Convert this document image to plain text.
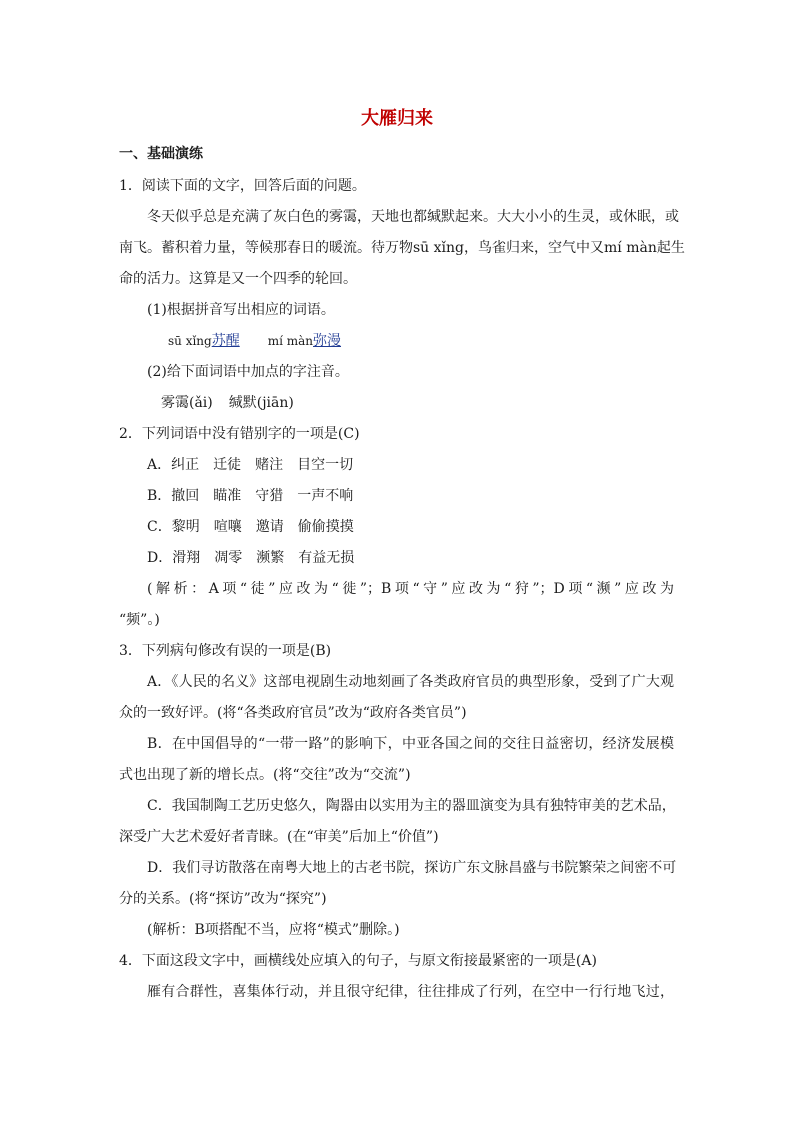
大雁归来
一、基础演练
1．阅读下面的文字，回答后面的问题。
冬天似乎总是充满了灰白色的雾霭，天地也都缄默起来。大大小小的生灵，或休眠，或
南飞。蓄积着力量，等候那春日的暖流。待万物sū xǐng，鸟雀归来，空气中又mí màn起生
命的活力。这算是又一个四季的轮回。
(1)根据拼音写出相应的词语。
sū xǐng苏醒 mí màn弥漫
(2)给下面词语中加点的字注音。
雾霭(ǎi) 缄默(jiān)
2．下列词语中没有错别字的一项是(C)
A．纠正　迁徒　赌注　目空一切
B．撤回　瞄准　守猎　一声不响
C．黎明　喧嚷　邀请　偷偷摸摸
D．滑翔　凋零　濒繁　有益无损
(解析：A项“徒”应改为“徙”；B项“守”应改为“狩”；D项“濒”应改为
“频”。)
3．下列病句修改有误的一项是(B)
A．《人民的名义》这部电视剧生动地刻画了各类政府官员的典型形象，受到了广大观
众的一致好评。(将“各类政府官员”改为“政府各类官员”)
B．在中国倡导的“一带一路”的影响下，中亚各国之间的交往日益密切，经济发展模
式也出现了新的增长点。(将“交往”改为“交流”)
C．我国制陶工艺历史悠久，陶器由以实用为主的器皿演变为具有独特审美的艺术品，
深受广大艺术爱好者青睐。(在“审美”后加上“价值”)
D．我们寻访散落在南粤大地上的古老书院，探访广东文脉昌盛与书院繁荣之间密不可
分的关系。(将“探访”改为“探究”)
(解析：B项搭配不当，应将“模式”删除。)
4．下面这段文字中，画横线处应填入的句子，与原文衔接最紧密的一项是(A)
雁有合群性，喜集体行动，并且很守纪律，往往排成了行列，在空中一行行地飞过，
